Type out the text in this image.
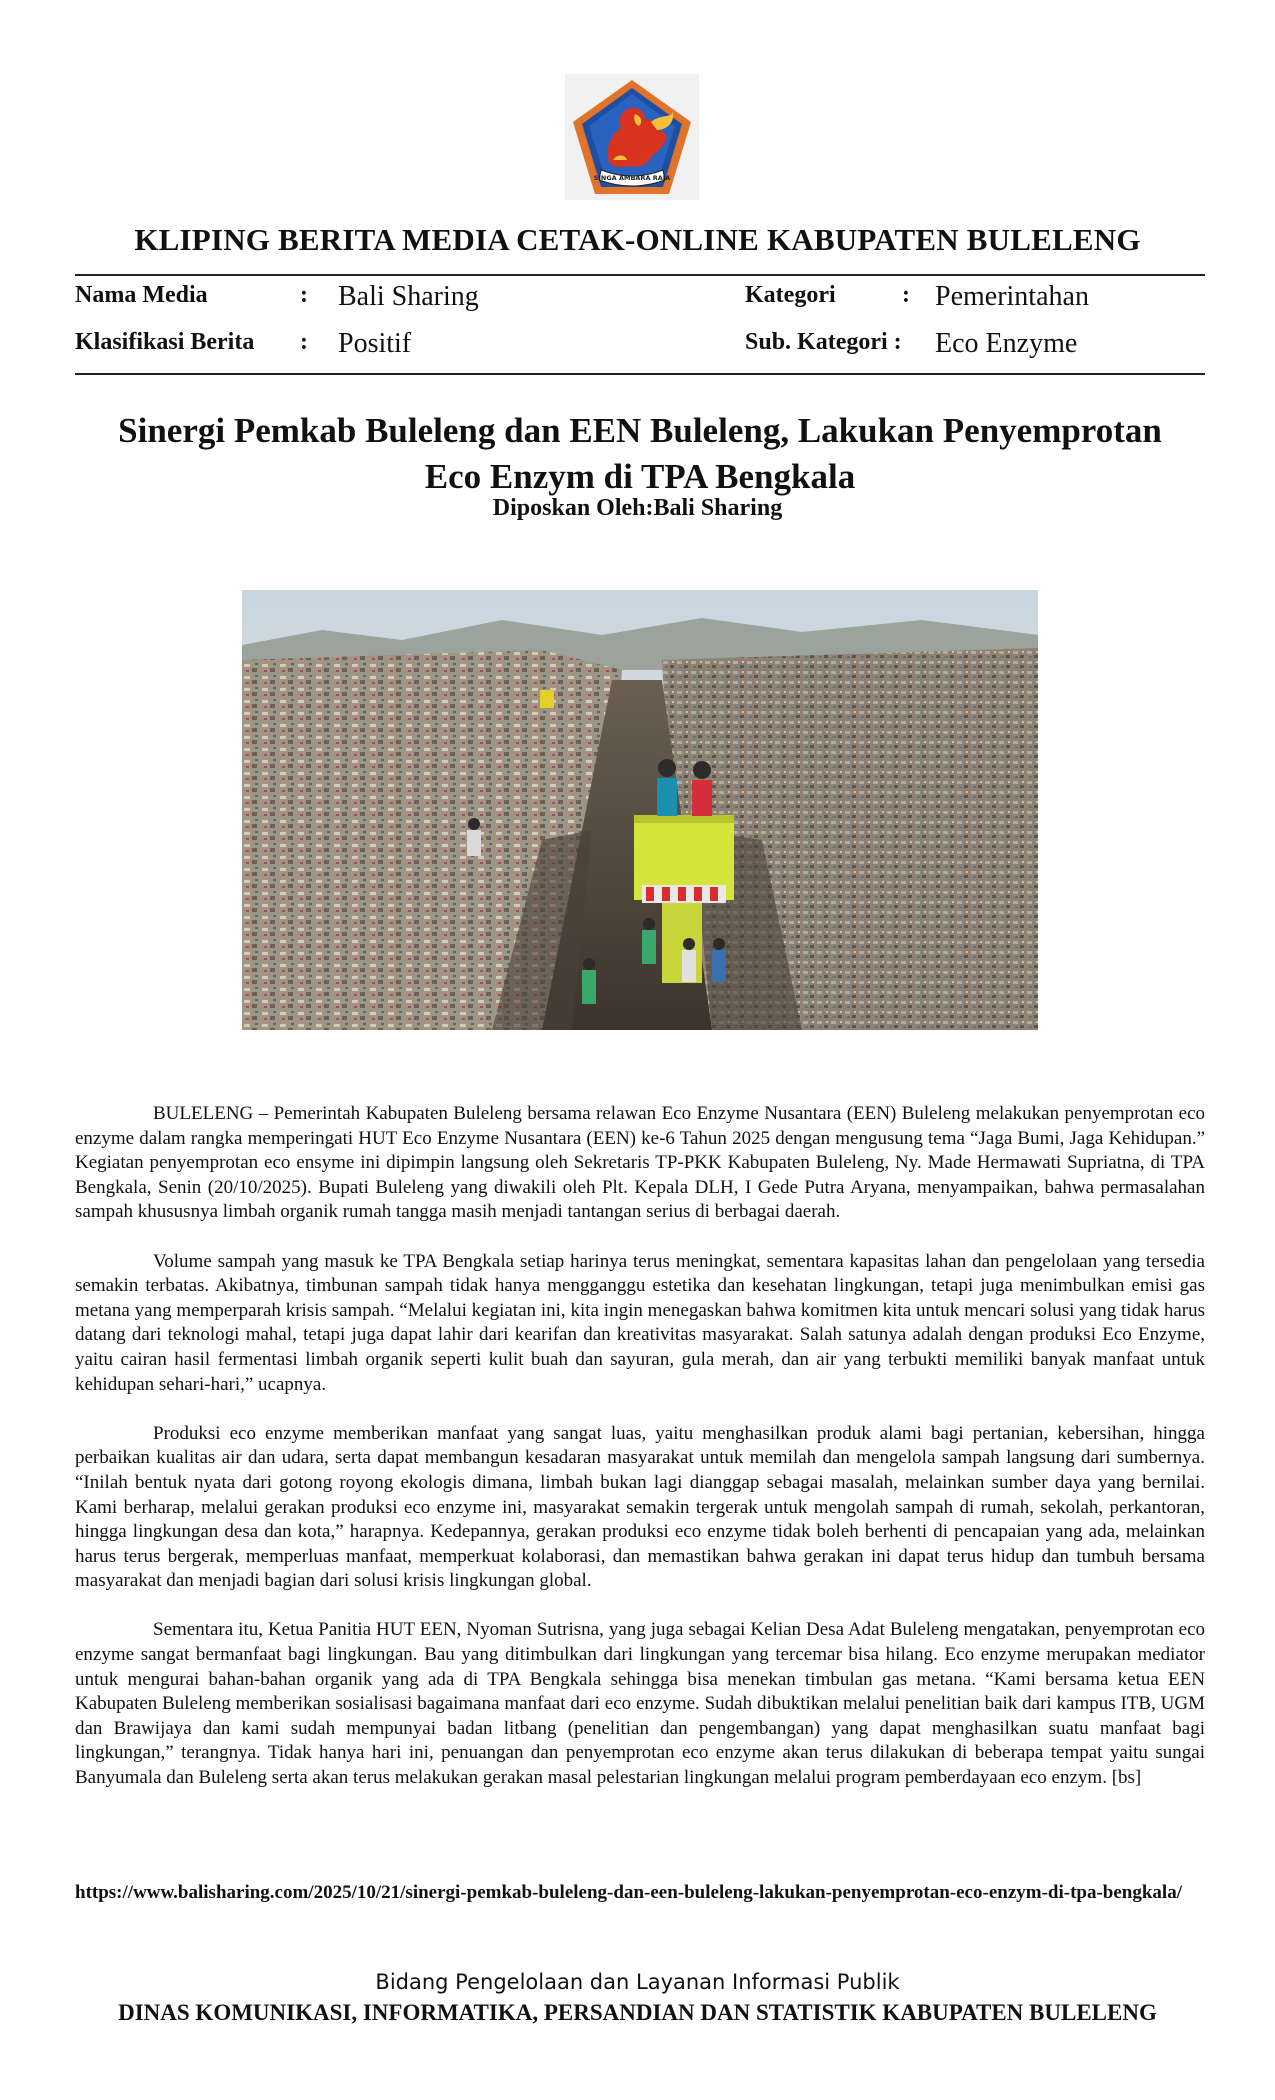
SINGA AMBARA RAJA
KLIPING BERITA MEDIA CETAK-ONLINE KABUPATEN BULELENG
Nama Media	: Bali Sharing	Kategori	: Pemerintahan
Klasifikasi Berita : Positif	Sub. Kategori : Eco Enzyme
Sinergi Pemkab Buleleng dan EEN Buleleng, Lakukan Penyemprotan
Eco Enzym di TPA Bengkala
Diposkan Oleh:Bali Sharing

BULELENG – Pemerintah Kabupaten Buleleng bersama relawan Eco Enzyme Nusantara (EEN) Buleleng melakukan penyemprotan eco enzyme dalam rangka memperingati HUT Eco Enzyme Nusantara (EEN) ke-6 Tahun 2025 dengan mengusung tema “Jaga Bumi, Jaga Kehidupan.” Kegiatan penyemprotan eco ensyme ini dipimpin langsung oleh Sekretaris TP-PKK Kabupaten Buleleng, Ny. Made Hermawati Supriatna, di TPA Bengkala, Senin (20/10/2025). Bupati Buleleng yang diwakili oleh Plt. Kepala DLH, I Gede Putra Aryana, menyampaikan, bahwa permasalahan sampah khususnya limbah organik rumah tangga masih menjadi tantangan serius di berbagai daerah.

Volume sampah yang masuk ke TPA Bengkala setiap harinya terus meningkat, sementara kapasitas lahan dan pengelolaan yang tersedia semakin terbatas. Akibatnya, timbunan sampah tidak hanya mengganggu estetika dan kesehatan lingkungan, tetapi juga menimbulkan emisi gas metana yang memperparah krisis sampah. “Melalui kegiatan ini, kita ingin menegaskan bahwa komitmen kita untuk mencari solusi yang tidak harus datang dari teknologi mahal, tetapi juga dapat lahir dari kearifan dan kreativitas masyarakat. Salah satunya adalah dengan produksi Eco Enzyme, yaitu cairan hasil fermentasi limbah organik seperti kulit buah dan sayuran, gula merah, dan air yang terbukti memiliki banyak manfaat untuk kehidupan sehari-hari,” ucapnya.

Produksi eco enzyme memberikan manfaat yang sangat luas, yaitu menghasilkan produk alami bagi pertanian, kebersihan, hingga perbaikan kualitas air dan udara, serta dapat membangun kesadaran masyarakat untuk memilah dan mengelola sampah langsung dari sumbernya. “Inilah bentuk nyata dari gotong royong ekologis dimana, limbah bukan lagi dianggap sebagai masalah, melainkan sumber daya yang bernilai. Kami berharap, melalui gerakan produksi eco enzyme ini, masyarakat semakin tergerak untuk mengolah sampah di rumah, sekolah, perkantoran, hingga lingkungan desa dan kota,” harapnya. Kedepannya, gerakan produksi eco enzyme tidak boleh berhenti di pencapaian yang ada, melainkan harus terus bergerak, memperluas manfaat, memperkuat kolaborasi, dan memastikan bahwa gerakan ini dapat terus hidup dan tumbuh bersama masyarakat dan menjadi bagian dari solusi krisis lingkungan global.

Sementara itu, Ketua Panitia HUT EEN, Nyoman Sutrisna, yang juga sebagai Kelian Desa Adat Buleleng mengatakan, penyemprotan eco enzyme sangat bermanfaat bagi lingkungan. Bau yang ditimbulkan dari lingkungan yang tercemar bisa hilang. Eco enzyme merupakan mediator untuk mengurai bahan-bahan organik yang ada di TPA Bengkala sehingga bisa menekan timbulan gas metana. “Kami bersama ketua EEN Kabupaten Buleleng memberikan sosialisasi bagaimana manfaat dari eco enzyme. Sudah dibuktikan melalui penelitian baik dari kampus ITB, UGM dan Brawijaya dan kami sudah mempunyai badan litbang (penelitian dan pengembangan) yang dapat menghasilkan suatu manfaat bagi lingkungan,” terangnya. Tidak hanya hari ini, penuangan dan penyemprotan eco enzyme akan terus dilakukan di beberapa tempat yaitu sungai Banyumala dan Buleleng serta akan terus melakukan gerakan masal pelestarian lingkungan melalui program pemberdayaan eco enzym. [bs]

https://www.balisharing.com/2025/10/21/sinergi-pemkab-buleleng-dan-een-buleleng-lakukan-penyemprotan-eco-enzym-di-tpa-bengkala/
Bidang Pengelolaan dan Layanan Informasi Publik
DINAS KOMUNIKASI, INFORMATIKA, PERSANDIAN DAN STATISTIK KABUPATEN BULELENG
